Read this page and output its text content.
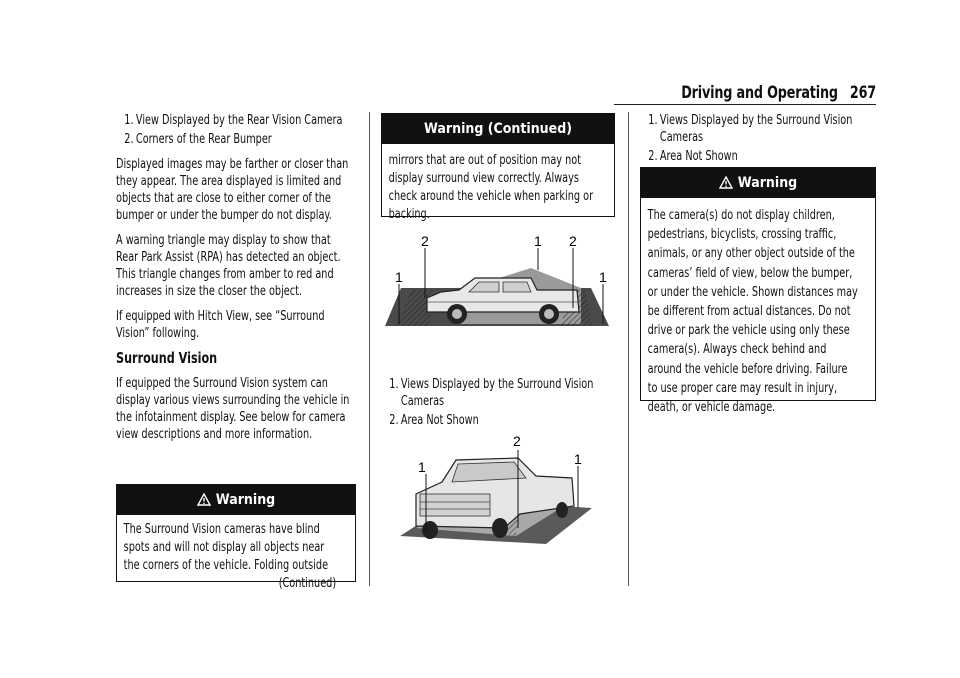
Driving and Operating 267
1. View Displayed by the Rear Vision Camera
2. Corners of the Rear Bumper

Displayed images may be farther or closer than they appear. The area displayed is limited and objects that are close to either corner of the bumper or under the bumper do not display.

A warning triangle may display to show that Rear Park Assist (RPA) has detected an object. This triangle changes from amber to red and increases in size the closer the object.

If equipped with Hitch View, see “Surround Vision” following.

Surround Vision

If equipped the Surround Vision system can display various views surrounding the vehicle in the infotainment display. See below for camera view descriptions and more information.

Warning
The Surround Vision cameras have blind spots and will not display all objects near the corners of the vehicle. Folding outside
(Continued)
Warning (Continued)
mirrors that are out of position may not display surround view correctly. Always check around the vehicle when parking or backing.
2	1 2
1	1
1. Views Displayed by the Surround Vision Cameras
2. Area Not Shown
2
1	1
1. Views Displayed by the Surround Vision Cameras
2. Area Not Shown
Warning
The camera(s) do not display children, pedestrians, bicyclists, crossing traffic, animals, or any other object outside of the cameras’ field of view, below the bumper, or under the vehicle. Shown distances may be different from actual distances. Do not drive or park the vehicle using only these camera(s). Always check behind and around the vehicle before driving. Failure to use proper care may result in injury, death, or vehicle damage.
